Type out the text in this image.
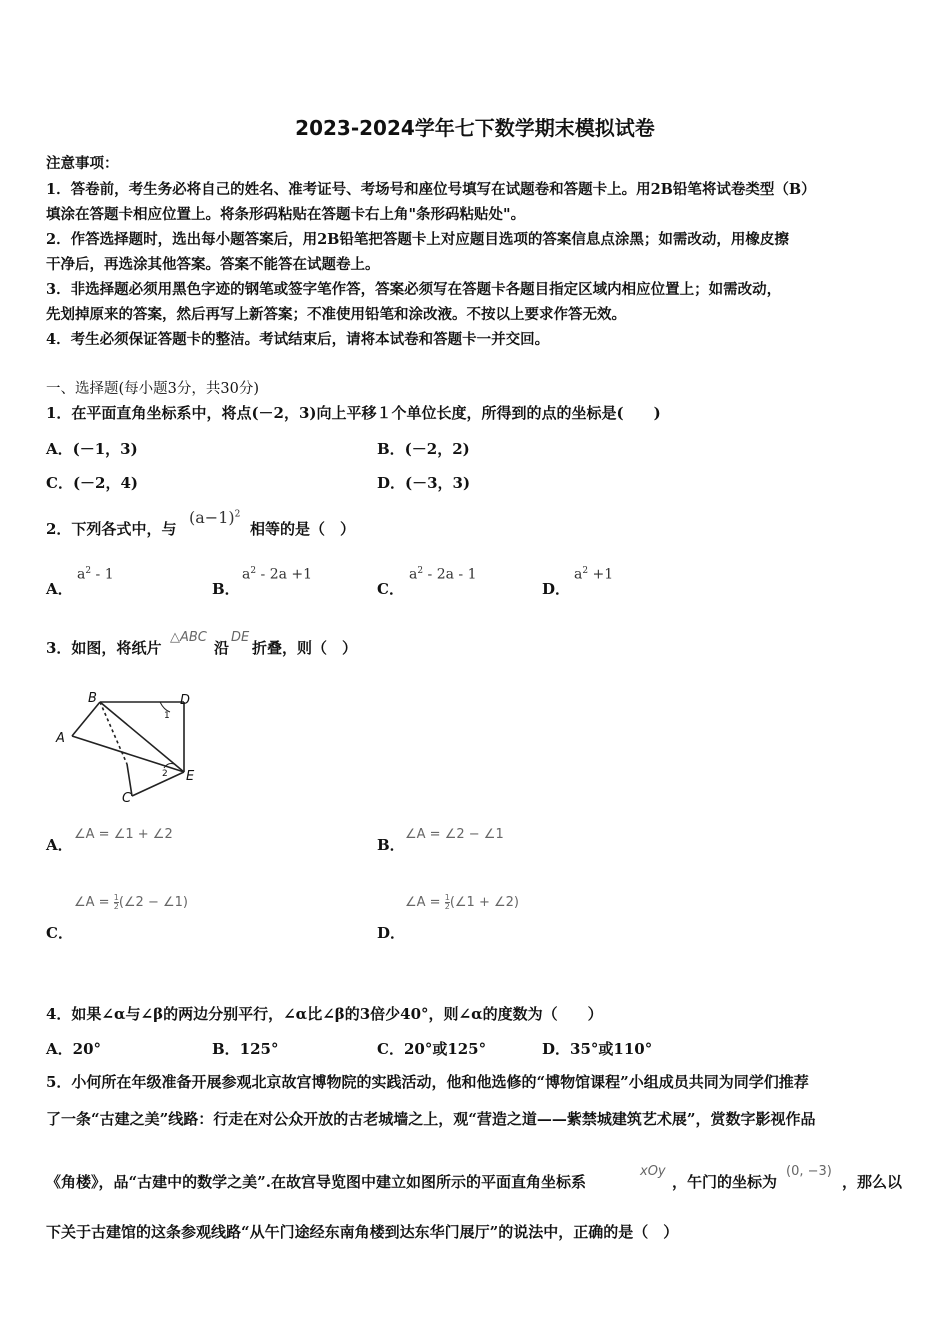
2023-2024学年七下数学期末模拟试卷
注意事项：
1．答卷前，考生务必将自己的姓名、准考证号、考场号和座位号填写在试题卷和答题卡上。用2B铅笔将试卷类型（B）
填涂在答题卡相应位置上。将条形码粘贴在答题卡右上角"条形码粘贴处"。
2．作答选择题时，选出每小题答案后，用2B铅笔把答题卡上对应题目选项的答案信息点涂黑；如需改动，用橡皮擦
干净后，再选涂其他答案。答案不能答在试题卷上。
3．非选择题必须用黑色字迹的钢笔或签字笔作答，答案必须写在答题卡各题目指定区域内相应位置上；如需改动，
先划掉原来的答案，然后再写上新答案；不准使用铅笔和涂改液。不按以上要求作答无效。
4．考生必须保证答题卡的整洁。考试结束后，请将本试卷和答题卡一并交回。
一、选择题(每小题3分，共30分)
1．在平面直角坐标系中，将点(－2，3)向上平移１个单位长度，所得到的点的坐标是(　　)
A．(－1，3)	B．(－2，2)
C．(－2，4)	D．(－3，3)
2．下列各式中，与
$(a-1)^2$
相等的是（　）
A．
$a^2 - 1$
B．
$a^2 - 2a +1$
C．
$a^2 - 2a - 1$
D．
$a^2 +1$
3．如图，将纸片
△ABC
沿
DE
折叠，则（　）
A
B	D
E
C
1
2
A．
∠A = ∠1 + ∠2
B．
∠A = ∠2 − ∠1
∠A = $\frac{1}{2}$ (∠2 − ∠1)
C．
∠A = $\frac{1}{2}$ (∠1 + ∠2)
D．
4．如果∠α与∠β的两边分别平行，∠α比∠β的3倍少40°，则∠α的度数为（　　）
A．20°	B．125°	C．20°或125°	D．35°或110°
5．小何所在年级准备开展参观北京故宫博物院的实践活动，他和他选修的“博物馆课程”小组成员共同为同学们推荐
了一条“古建之美”线路：行走在对公众开放的古老城墙之上，观“营造之道——紫禁城建筑艺术展”，赏数字影视作品
《角楼》，品“古建中的数学之美”.在故宫导览图中建立如图所示的平面直角坐标系
xOy
，午门的坐标为
(0, −3)
，那么以
下关于古建馆的这条参观线路“从午门途经东南角楼到达东华门展厅”的说法中，正确的是（　）
